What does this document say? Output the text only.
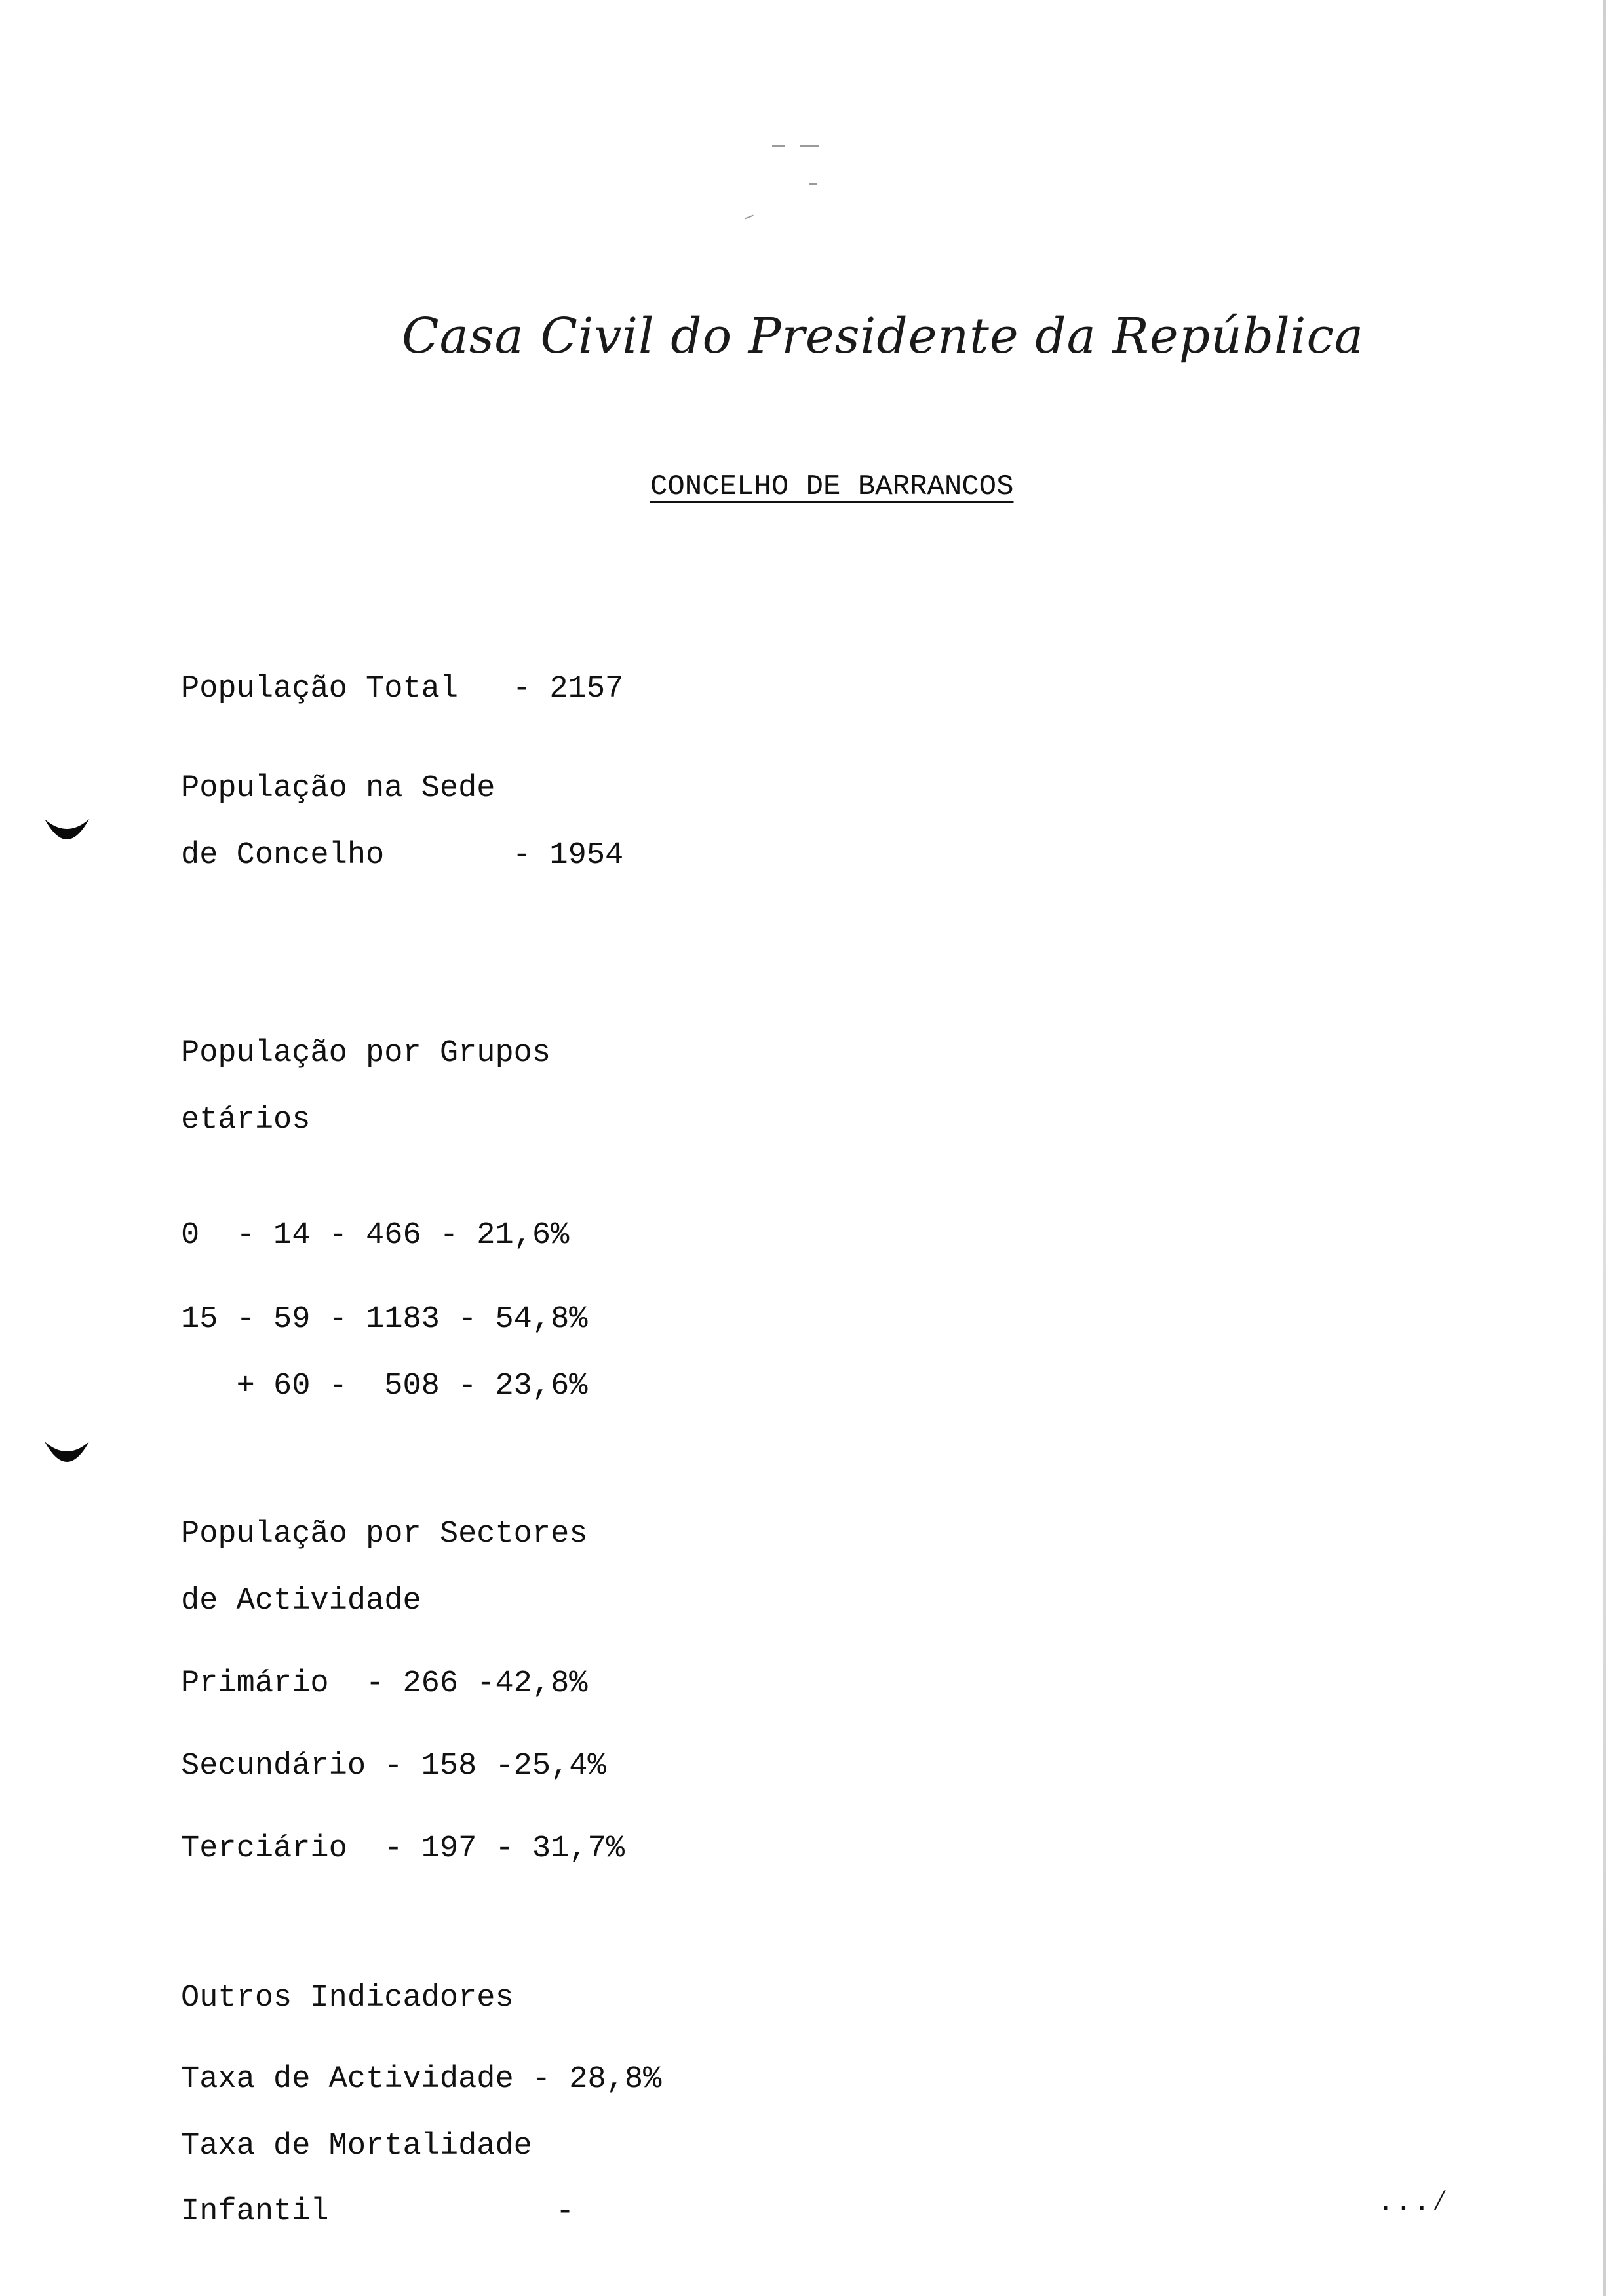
Casa Civil do Presidente da República
CONCELHO DE BARRANCOS
População Total - 2157
População na Sede
de Concelho	- 1954
População por Grupos
etários
0  - 14 - 466 - 21,6%
15 - 59 - 1183 - 54,8%
+ 60 -  508 - 23,6%
População por Sectores
de Actividade
Primário  - 266 -42,8%
Secundário - 158 -25,4%
Terciário  - 197 - 31,7%
Outros Indicadores
Taxa de Actividade - 28,8%
Taxa de Mortalidade
Infantil	-	...⁄
